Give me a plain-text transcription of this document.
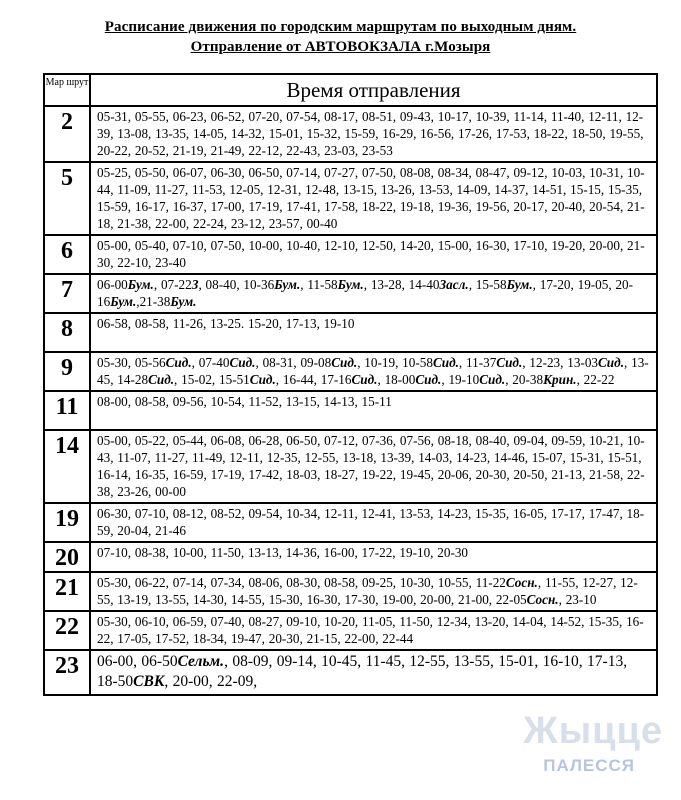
Расписание движения по городским маршрутам по выходным дням.
Отправление от АВТОВОКЗАЛА г.Мозыря
Мар шрут	Время отправления
2	05-31, 05-55, 06-23, 06-52, 07-20, 07-54, 08-17, 08-51, 09-43, 10-17, 10-39, 11-14, 11-40, 12-11, 12-39, 13-08, 13-35, 14-05, 14-32, 15-01, 15-32, 15-59, 16-29, 16-56, 17-26, 17-53, 18-22, 18-50, 19-55, 20-22, 20-52, 21-19, 21-49, 22-12, 22-43, 23-03, 23-53
5	05-25, 05-50, 06-07, 06-30, 06-50, 07-14, 07-27, 07-50, 08-08, 08-34, 08-47, 09-12, 10-03, 10-31, 10-44, 11-09, 11-27, 11-53, 12-05, 12-31, 12-48, 13-15, 13-26, 13-53, 14-09, 14-37, 14-51, 15-15, 15-35, 15-59, 16-17, 16-37, 17-00, 17-19, 17-41, 17-58, 18-22, 19-18, 19-36, 19-56, 20-17, 20-40, 20-54, 21-18, 21-38, 22-00, 22-24, 23-12, 23-57, 00-40
6	05-00, 05-40, 07-10, 07-50, 10-00, 10-40, 12-10, 12-50, 14-20, 15-00, 16-30, 17-10, 19-20, 20-00, 21-30, 22-10, 23-40
7	06-00Бум., 07-22З, 08-40, 10-36Бум., 11-58Бум., 13-28, 14-40Засл., 15-58Бум., 17-20, 19-05, 20-16Бум.,21-38Бум.
8	06-58, 08-58, 11-26, 13-25. 15-20, 17-13, 19-10

9	05-30, 05-56Сид., 07-40Сид., 08-31, 09-08Сид., 10-19, 10-58Сид., 11-37Сид., 12-23, 13-03Сид., 13-45, 14-28Сид., 15-02, 15-51Сид., 16-44, 17-16Сид., 18-00Сид., 19-10Сид., 20-38Крин., 22-22
11	08-00, 08-58, 09-56, 10-54, 11-52, 13-15, 14-13, 15-11

14	05-00, 05-22, 05-44, 06-08, 06-28, 06-50, 07-12, 07-36, 07-56, 08-18, 08-40, 09-04, 09-59, 10-21, 10-43, 11-07, 11-27, 11-49, 12-11, 12-35, 12-55, 13-18, 13-39, 14-03, 14-23, 14-46, 15-07, 15-31, 15-51, 16-14, 16-35, 16-59, 17-19, 17-42, 18-03, 18-27, 19-22, 19-45, 20-06, 20-30, 20-50, 21-13, 21-58, 22-38, 23-26, 00-00
19	06-30, 07-10, 08-12, 08-52, 09-54, 10-34, 12-11, 12-41, 13-53, 14-23, 15-35, 16-05, 17-17, 17-47, 18-59, 20-04, 21-46
20	07-10, 08-38, 10-00, 11-50, 13-13, 14-36, 16-00, 17-22, 19-10, 20-30
21	05-30, 06-22, 07-14, 07-34, 08-06, 08-30, 08-58, 09-25, 10-30, 10-55, 11-22Сосн., 11-55, 12-27, 12-55, 13-19, 13-55, 14-30, 14-55, 15-30, 16-30, 17-30, 19-00, 20-00, 21-00, 22-05Сосн., 23-10
22	05-30, 06-10, 06-59, 07-40, 08-27, 09-10, 10-20, 11-05, 11-50, 12-34, 13-20, 14-04, 14-52, 15-35, 16-22, 17-05, 17-52, 18-34, 19-47, 20-30, 21-15, 22-00, 22-44
23	06-00, 06-50Сельм., 08-09, 09-14, 10-45, 11-45, 12-55, 13-55, 15-01, 16-10, 17-13, 18-50СВК, 20-00, 22-09,
Жыцце
ПАЛЕССЯ
